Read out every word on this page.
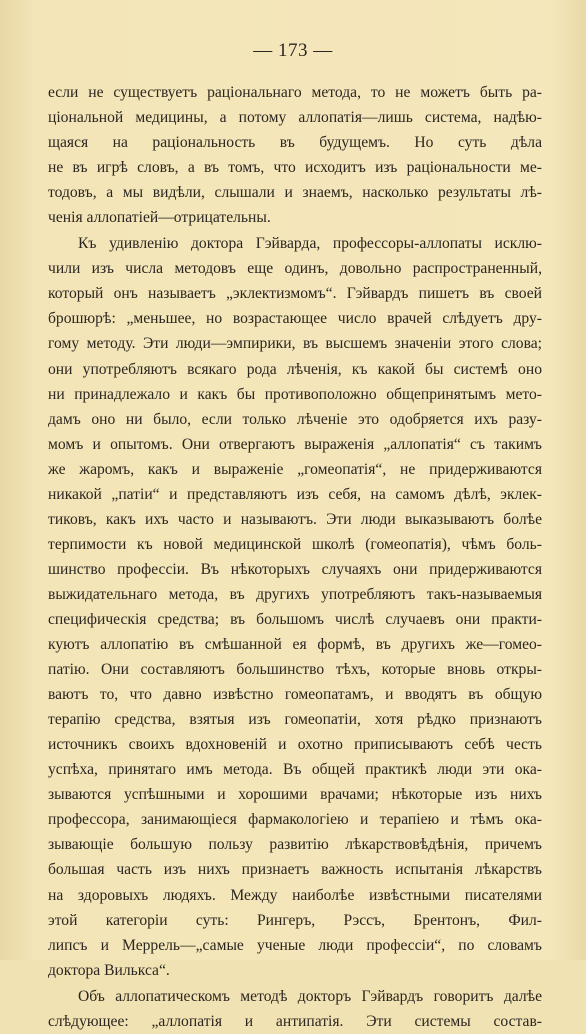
— 173 —
если не существуетъ раціональнаго метода, то не можетъ быть ра-
ціональной медицины, а потому аллопатія—лишь система, надѣю-
щаяся на раціональность въ будущемъ. Но суть дѣла
не въ игрѣ словъ, а въ томъ, что исходитъ изъ раціональности ме-
тодовъ, а мы видѣли, слышали и знаемъ, насколько результаты лѣ-
ченія аллопатіей—отрицательны.
Къ удивленію доктора Гэйварда, профессоры-аллопаты исклю-
чили изъ числа методовъ еще одинъ, довольно распространенный,
который онъ называетъ „эклектизмомъ“. Гэйвардъ пишетъ въ своей
брошюрѣ: „меньшее, но возрастающее число врачей слѣдуетъ дру-
гому методу. Эти люди—эмпирики, въ высшемъ значеніи этого слова;
они употребляютъ всякаго рода лѣченія, къ какой бы системѣ оно
ни принадлежало и какъ бы противоположно общепринятымъ мето-
дамъ оно ни было, если только лѣченіе это одобряется ихъ разу-
момъ и опытомъ. Они отвергаютъ выраженія „аллопатія“ съ такимъ
же жаромъ, какъ и выраженіе „гомеопатія“, не придерживаются
никакой „патіи“ и представляютъ изъ себя, на самомъ дѣлѣ, эклек-
тиковъ, какъ ихъ часто и называютъ. Эти люди выказываютъ болѣе
терпимости къ новой медицинской школѣ (гомеопатія), чѣмъ боль-
шинство профессіи. Въ нѣкоторыхъ случаяхъ они придерживаются
выжидательнаго метода, въ другихъ употребляютъ такъ-называемыя
специфическія средства; въ большомъ числѣ случаевъ они практи-
куютъ аллопатію въ смѣшанной ея формѣ, въ другихъ же—гомео-
патію. Они составляютъ большинство тѣхъ, которые вновь откры-
ваютъ то, что давно извѣстно гомеопатамъ, и вводятъ въ общую
терапію средства, взятыя изъ гомеопатіи, хотя рѣдко признаютъ
источникъ своихъ вдохновеній и охотно приписываютъ себѣ честь
успѣха, принятаго имъ метода. Въ общей практикѣ люди эти ока-
зываются успѣшными и хорошими врачами; нѣкоторые изъ нихъ
профессора, занимающіеся фармакологіею и терапіею и тѣмъ ока-
зывающіе большую пользу развитію лѣкарствовѣдѣнія, причемъ
большая часть изъ нихъ признаетъ важность испытанія лѣкарствъ
на здоровыхъ людяхъ. Между наиболѣе извѣстными писателями
этой категоріи суть: Рингеръ, Рэссъ, Брентонъ, Фил-
липсъ и Меррель—„самые ученые люди профессіи“, по словамъ
доктора Вилькса“.
Объ аллопатическомъ методѣ докторъ Гэйвардъ говоритъ далѣе
слѣдующее: „аллопатія и антипатія. Эти системы состав-
